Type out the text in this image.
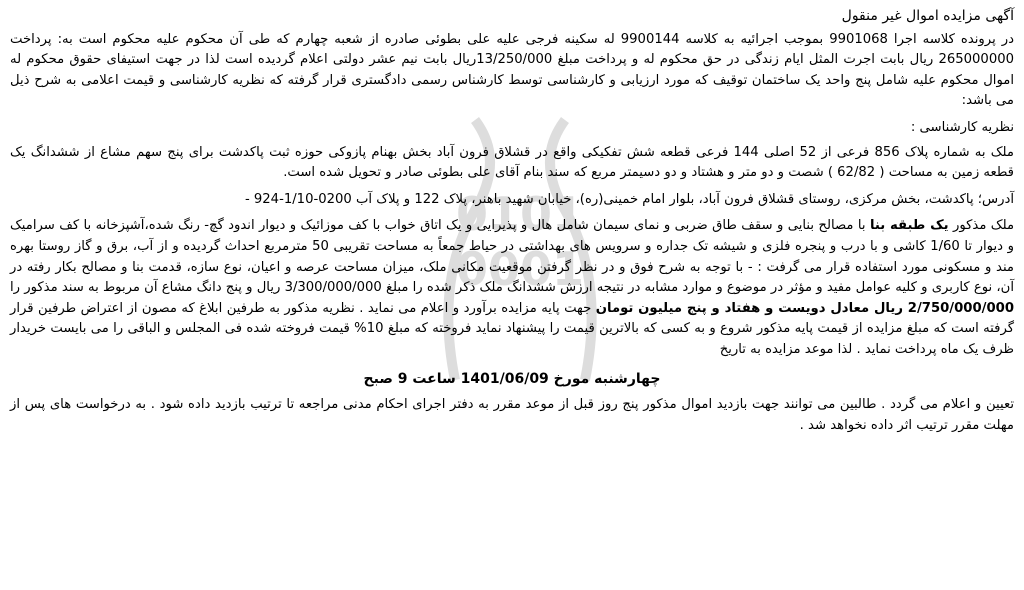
0101
0001
آگهی مزایده اموال غیر منقول

در پرونده کلاسه اجرا 9901068 بموجب اجرائیه به کلاسه 9900144 له سکینه فرجی علیه علی بطوئی صادره از شعبه چهارم که طی آن محکوم علیه محکوم است به: پرداخت 265000000 ریال بابت اجرت المثل ایام زندگی در حق محکوم له و پرداخت مبلغ 13/250/000ریال بابت نیم عشر دولتی اعلام گردیده است لذا در جهت استیفای حقوق محکوم له اموال محکوم علیه شامل پنج واحد یک ساختمان توقیف که مورد ارزیابی و کارشناسی توسط کارشناس رسمی دادگستری قرار گرفته که نظریه کارشناسی و قیمت اعلامی به شرح ذیل می باشد:

نظریه کارشناسی :

ملک به شماره پلاک 856 فرعی از 52 اصلی 144 فرعی قطعه شش تفکیکی واقع در قشلاق فرون آباد بخش بهنام پازوکی حوزه ثبت پاکدشت برای پنج سهم مشاع از ششدانگ یک قطعه زمین به مساحت ( 62/82 ) شصت و دو متر و هشتاد و دو دسیمتر مربع که سند بنام آقای علی بطوئی صادر و تحویل شده است.

آدرس؛ پاکدشت، بخش مرکزی، روستای قشلاق فرون آباد، بلوار امام خمینی(ره)، خیابان شهید باهنر، پلاک 122 و پلاک آب 0200-1/10-924 -

ملک مذکور یک طبقه بنا با مصالح بنایی و سقف طاق ضربی و نمای سیمان شامل هال و پذیرایی و یک اتاق خواب با کف موزائیک و دیوار اندود گچ- رنگ شده،آشپزخانه با کف سرامیک و دیوار تا 1/60 کاشی و با درب و پنجره فلزی و شیشه تک جداره و سرویس های بهداشتی در حیاط جمعاً به مساحت تقریبی 50 مترمربع احداث گردیده و از آب، برق و گاز روستا بهره مند و مسکونی مورد استفاده قرار می گرفت : - با توجه به شرح فوق و در نظر گرفتن موقعیت مکانی ملک، میزان مساحت عرصه و اعیان، نوع سازه، قدمت بنا و مصالح بکار رفته در آن، نوع کاربری و کلیه عوامل مفید و مؤثر در موضوع و موارد مشابه در نتیجه ارزش ششدانگ ملک ذکر شده را مبلغ 3/300/000/000 ریال و پنج دانگ مشاع آن مربوط به سند مذکور را 2/750/000/000 ریال معادل دویست و هفتاد و پنج میلیون تومان جهت پایه مزایده برآورد و اعلام می نماید . نظریه مذکور به طرفین ابلاغ که مصون از اعتراض طرفین قرار گرفته است که مبلغ مزایده از قیمت پایه مذکور شروع و به کسی که بالاترین قیمت را پیشنهاد نماید فروخته که مبلغ 10% قیمت فروخته شده فی المجلس و الباقی را می بایست خریدار ظرف یک ماه پرداخت نماید . لذا موعد مزایده به تاریخ

چهارشنبه مورخ 1401/06/09 ساعت 9 صبح

تعیین و اعلام می گردد . طالبین می توانند جهت بازدید اموال مذکور پنج روز قبل از موعد مقرر به دفتر اجرای احکام مدنی مراجعه تا ترتیب بازدید داده شود . به درخواست های پس از مهلت مقرر ترتیب اثر داده نخواهد شد .
